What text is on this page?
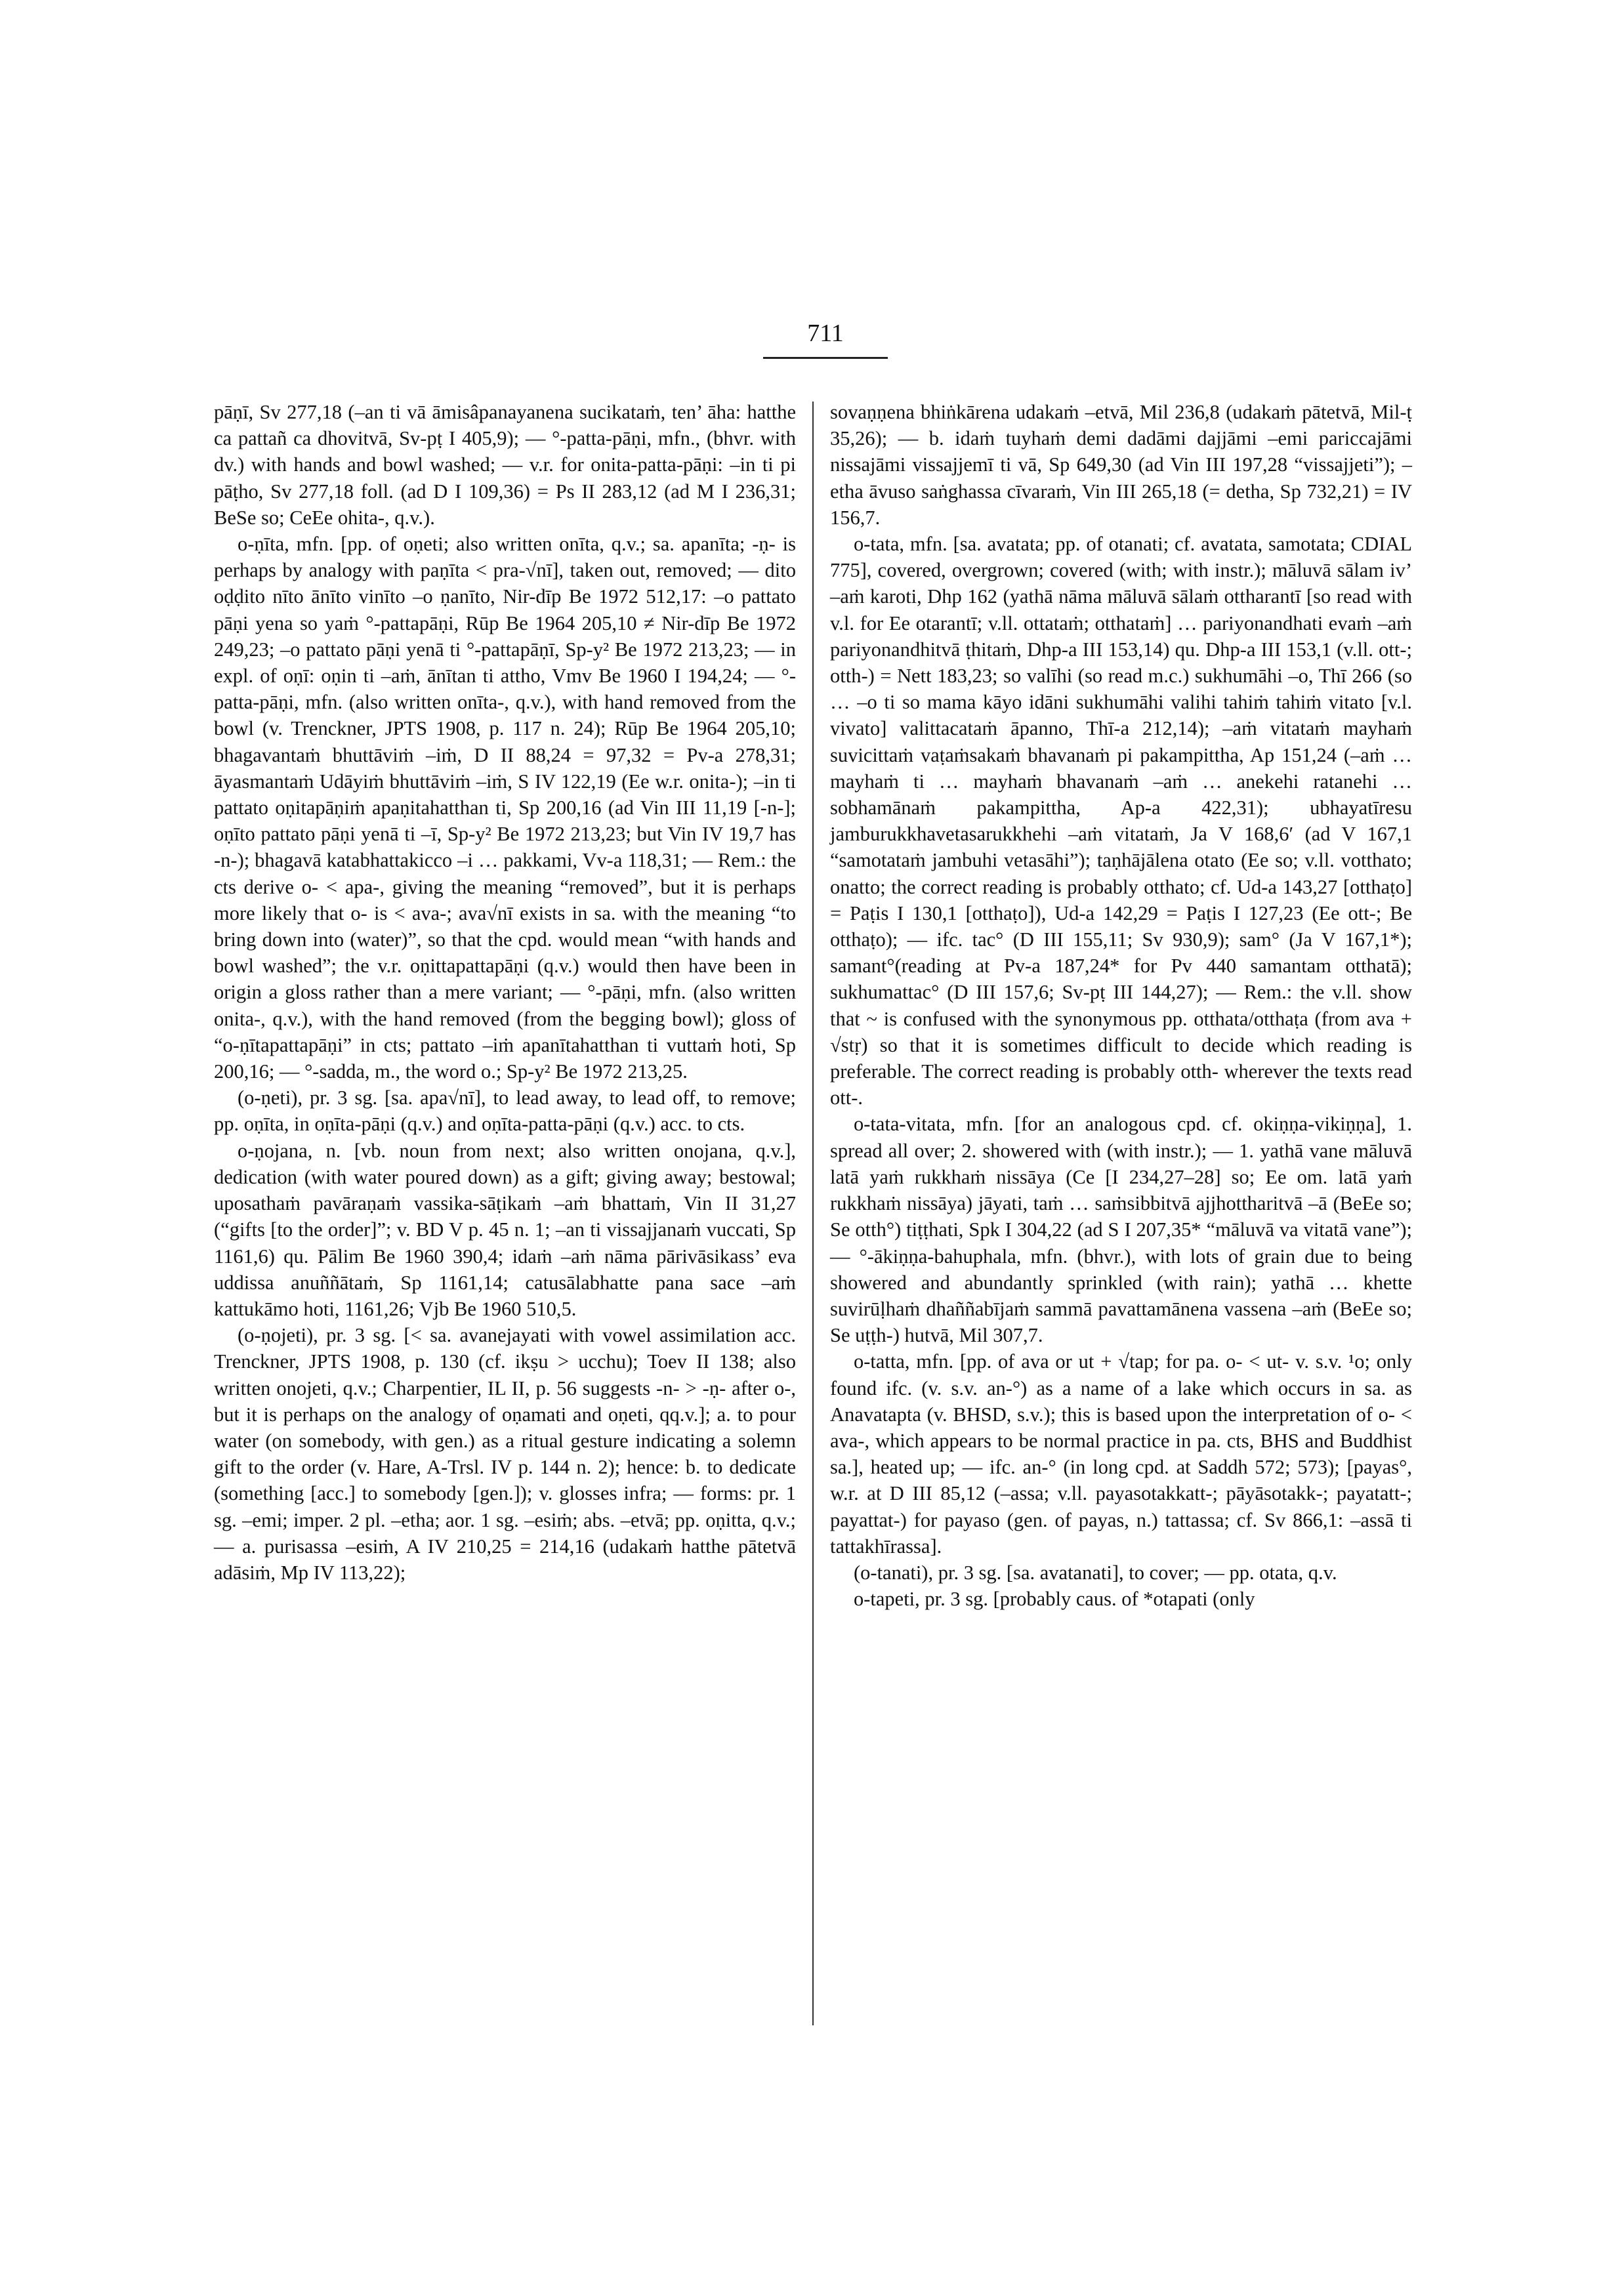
711

pāṇī, Sv 277,18 (–an ti vā āmisâpanayanena sucikataṁ, ten’ āha: hatthe ca pattañ ca dhovitvā, Sv-pṭ I 405,9); — °-patta-pāṇi, mfn., (bhvr. with dv.) with hands and bowl washed; — v.r. for onita-patta-pāṇi: –in ti pi pāṭho, Sv 277,18 foll. (ad D I 109,36) = Ps II 283,12 (ad M I 236,31; BeSe so; CeEe ohita-, q.v.).

o-ṇīta, mfn. [pp. of oṇeti; also written onīta, q.v.; sa. apanīta; -ṇ- is perhaps by analogy with paṇīta < pra-√nī], taken out, removed; — dito oḍḍito nīto ānīto vinīto –o ṇanīto, Nir-dīp Be 1972 512,17: –o pattato pāṇi yena so yaṁ °-pattapāṇi, Rūp Be 1964 205,10 ≠ Nir-dīp Be 1972 249,23; –o pattato pāṇi yenā ti °-pattapāṇī, Sp-y² Be 1972 213,23; — in expl. of oṇī: oṇin ti –aṁ, ānītan ti attho, Vmv Be 1960 I 194,24; — °-patta-pāṇi, mfn. (also written onīta-, q.v.), with hand removed from the bowl (v. Trenckner, JPTS 1908, p. 117 n. 24); Rūp Be 1964 205,10; bhagavantaṁ bhuttāviṁ –iṁ, D II 88,24 = 97,32 = Pv-a 278,31; āyasmantaṁ Udāyiṁ bhuttāviṁ –iṁ, S IV 122,19 (Ee w.r. onita-); –in ti pattato oṇitapāṇiṁ apaṇitahatthan ti, Sp 200,16 (ad Vin III 11,19 [-n-]; oṇīto pattato pāṇi yenā ti –ī, Sp-y² Be 1972 213,23; but Vin IV 19,7 has -n-); bhagavā katabhattakicco –i … pakkami, Vv-a 118,31; — Rem.: the cts derive o- < apa-, giving the meaning “removed”, but it is perhaps more likely that o- is < ava-; ava√nī exists in sa. with the meaning “to bring down into (water)”, so that the cpd. would mean “with hands and bowl washed”; the v.r. oṇittapattapāṇi (q.v.) would then have been in origin a gloss rather than a mere variant; — °-pāṇi, mfn. (also written onita-, q.v.), with the hand removed (from the begging bowl); gloss of “o-ṇītapattapāṇi” in cts; pattato –iṁ apanītahatthan ti vuttaṁ hoti, Sp 200,16; — °-sadda, m., the word o.; Sp-y² Be 1972 213,25.

(o-ṇeti), pr. 3 sg. [sa. apa√nī], to lead away, to lead off, to remove; pp. oṇīta, in oṇīta-pāṇi (q.v.) and oṇīta-patta-pāṇi (q.v.) acc. to cts.

o-ṇojana, n. [vb. noun from next; also written onojana, q.v.], dedication (with water poured down) as a gift; giving away; bestowal; uposathaṁ pavāraṇaṁ vassika-sāṭikaṁ –aṁ bhattaṁ, Vin II 31,27 (“gifts [to the order]”; v. BD V p. 45 n. 1; –an ti vissajjanaṁ vuccati, Sp 1161,6) qu. Pālim Be 1960 390,4; idaṁ –aṁ nāma pārivāsikass’ eva uddissa anuññātaṁ, Sp 1161,14; catusālabhatte pana sace –aṁ kattukāmo hoti, 1161,26; Vjb Be 1960 510,5.

(o-ṇojeti), pr. 3 sg. [< sa. avanejayati with vowel assimilation acc. Trenckner, JPTS 1908, p. 130 (cf. ikṣu > ucchu); Toev II 138; also written onojeti, q.v.; Charpentier, IL II, p. 56 suggests -n- > -ṇ- after o-, but it is perhaps on the analogy of oṇamati and oṇeti, qq.v.]; a. to pour water (on somebody, with gen.) as a ritual gesture indicating a solemn gift to the order (v. Hare, A-Trsl. IV p. 144 n. 2); hence: b. to dedicate (something [acc.] to somebody [gen.]); v. glosses infra; — forms: pr. 1 sg. –emi; imper. 2 pl. –etha; aor. 1 sg. –esiṁ; abs. –etvā; pp. oṇitta, q.v.; — a. purisassa –esiṁ, A IV 210,25 = 214,16 (udakaṁ hatthe pātetvā adāsiṁ, Mp IV 113,22);

sovaṇṇena bhiṅkārena udakaṁ –etvā, Mil 236,8 (udakaṁ pātetvā, Mil-ṭ 35,26); — b. idaṁ tuyhaṁ demi dadāmi dajjāmi –emi pariccajāmi nissajāmi vissajjemī ti vā, Sp 649,30 (ad Vin III 197,28 “vissajjeti”); –etha āvuso saṅghassa cīvaraṁ, Vin III 265,18 (= detha, Sp 732,21) = IV 156,7.

o-tata, mfn. [sa. avatata; pp. of otanati; cf. avatata, samotata; CDIAL 775], covered, overgrown; covered (with; with instr.); māluvā sālam iv’ –aṁ karoti, Dhp 162 (yathā nāma māluvā sālaṁ ottharantī [so read with v.l. for Ee otarantī; v.ll. ottataṁ; otthataṁ] … pariyonandhati evaṁ –aṁ pariyonandhitvā ṭhitaṁ, Dhp-a III 153,14) qu. Dhp-a III 153,1 (v.ll. ott-; otth-) = Nett 183,23; so valīhi (so read m.c.) sukhumāhi –o, Thī 266 (so … –o ti so mama kāyo idāni sukhumāhi valihi tahiṁ tahiṁ vitato [v.l. vivato] valittacataṁ āpanno, Thī-a 212,14); –aṁ vitataṁ mayhaṁ suvicittaṁ vaṭaṁsakaṁ bhavanaṁ pi pakampittha, Ap 151,24 (–aṁ … mayhaṁ ti … mayhaṁ bhavanaṁ –aṁ … anekehi ratanehi … sobhamānaṁ pakampittha, Ap-a 422,31); ubhayatīresu jamburukkhavetasarukkhehi –aṁ vitataṁ, Ja V 168,6′ (ad V 167,1 “samotataṁ jambuhi vetasāhi”); taṇhājālena otato (Ee so; v.ll. votthato; onatto; the correct reading is probably otthato; cf. Ud-a 143,27 [otthaṭo] = Paṭis I 130,1 [otthaṭo]), Ud-a 142,29 = Paṭis I 127,23 (Ee ott-; Be otthaṭo); — ifc. tac° (D III 155,11; Sv 930,9); sam° (Ja V 167,1*); samant°(reading at Pv-a 187,24* for Pv 440 samantam otthatā); sukhumattac° (D III 157,6; Sv-pṭ III 144,27); — Rem.: the v.ll. show that ~ is confused with the synonymous pp. otthata/otthaṭa (from ava + √stṛ) so that it is sometimes difficult to decide which reading is preferable. The correct reading is probably otth- wherever the texts read ott-.

o-tata-vitata, mfn. [for an analogous cpd. cf. okiṇṇa-vikiṇṇa], 1. spread all over; 2. showered with (with instr.); — 1. yathā vane māluvā latā yaṁ rukkhaṁ nissāya (Ce [I 234,27–28] so; Ee om. latā yaṁ rukkhaṁ nissāya) jāyati, taṁ … saṁsibbitvā ajjhottharitvā –ā (BeEe so; Se otth°) tiṭṭhati, Spk I 304,22 (ad S I 207,35* “māluvā va vitatā vane”); — °-ākiṇṇa-bahuphala, mfn. (bhvr.), with lots of grain due to being showered and abundantly sprinkled (with rain); yathā … khette suvirūḷhaṁ dhaññabījaṁ sammā pavattamānena vassena –aṁ (BeEe so; Se uṭṭh-) hutvā, Mil 307,7.

o-tatta, mfn. [pp. of ava or ut + √tap; for pa. o- < ut- v. s.v. ¹o; only found ifc. (v. s.v. an-°) as a name of a lake which occurs in sa. as Anavatapta (v. BHSD, s.v.); this is based upon the interpretation of o- < ava-, which appears to be normal practice in pa. cts, BHS and Buddhist sa.], heated up; — ifc. an-° (in long cpd. at Saddh 572; 573); [payas°, w.r. at D III 85,12 (–assa; v.ll. payasotakkatt-; pāyāsotakk-; payatatt-; payattat-) for payaso (gen. of payas, n.) tattassa; cf. Sv 866,1: –assā ti tattakhīrassa].

(o-tanati), pr. 3 sg. [sa. avatanati], to cover; — pp. otata, q.v.

o-tapeti, pr. 3 sg. [probably caus. of *otapati (only
